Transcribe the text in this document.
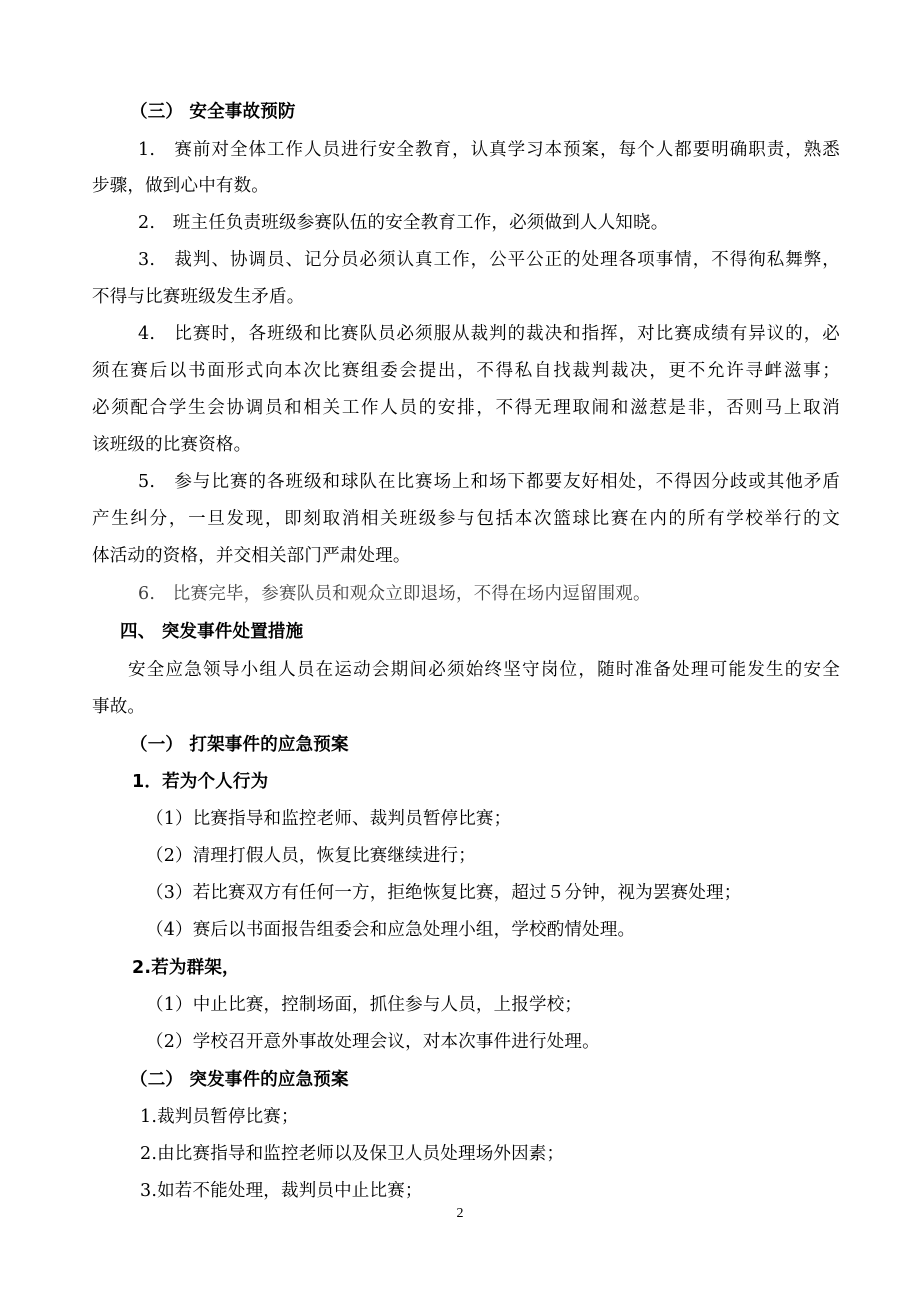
（三） 安全事故预防
1.　赛前对全体工作人员进行安全教育，认真学习本预案，每个人都要明确职责，熟悉
步骤，做到心中有数。
2.　班主任负责班级参赛队伍的安全教育工作，必须做到人人知晓。
3.　裁判、协调员、记分员必须认真工作，公平公正的处理各项事情，不得徇私舞弊，
不得与比赛班级发生矛盾。
4.　比赛时，各班级和比赛队员必须服从裁判的裁决和指挥，对比赛成绩有异议的，必
须在赛后以书面形式向本次比赛组委会提出，不得私自找裁判裁决，更不允许寻衅滋事；
必须配合学生会协调员和相关工作人员的安排，不得无理取闹和滋惹是非，否则马上取消
该班级的比赛资格。
5.　参与比赛的各班级和球队在比赛场上和场下都要友好相处，不得因分歧或其他矛盾
产生纠分，一旦发现，即刻取消相关班级参与包括本次篮球比赛在内的所有学校举行的文
体活动的资格，并交相关部门严肃处理。
6.　比赛完毕，参赛队员和观众立即退场，不得在场内逗留围观。
四、 突发事件处置措施
安全应急领导小组人员在运动会期间必须始终坚守岗位，随时准备处理可能发生的安全
事故。
（一） 打架事件的应急预案
1．若为个人行为
（1）比赛指导和监控老师、裁判员暂停比赛；
（2）清理打假人员，恢复比赛继续进行；
（3）若比赛双方有任何一方，拒绝恢复比赛，超过５分钟，视为罢赛处理；
（4）赛后以书面报告组委会和应急处理小组，学校酌情处理。
2.若为群架，
（1）中止比赛，控制场面，抓住参与人员，上报学校；
（2）学校召开意外事故处理会议，对本次事件进行处理。
（二） 突发事件的应急预案
1.裁判员暂停比赛；
2.由比赛指导和监控老师以及保卫人员处理场外因素；
3.如若不能处理，裁判员中止比赛；
2
